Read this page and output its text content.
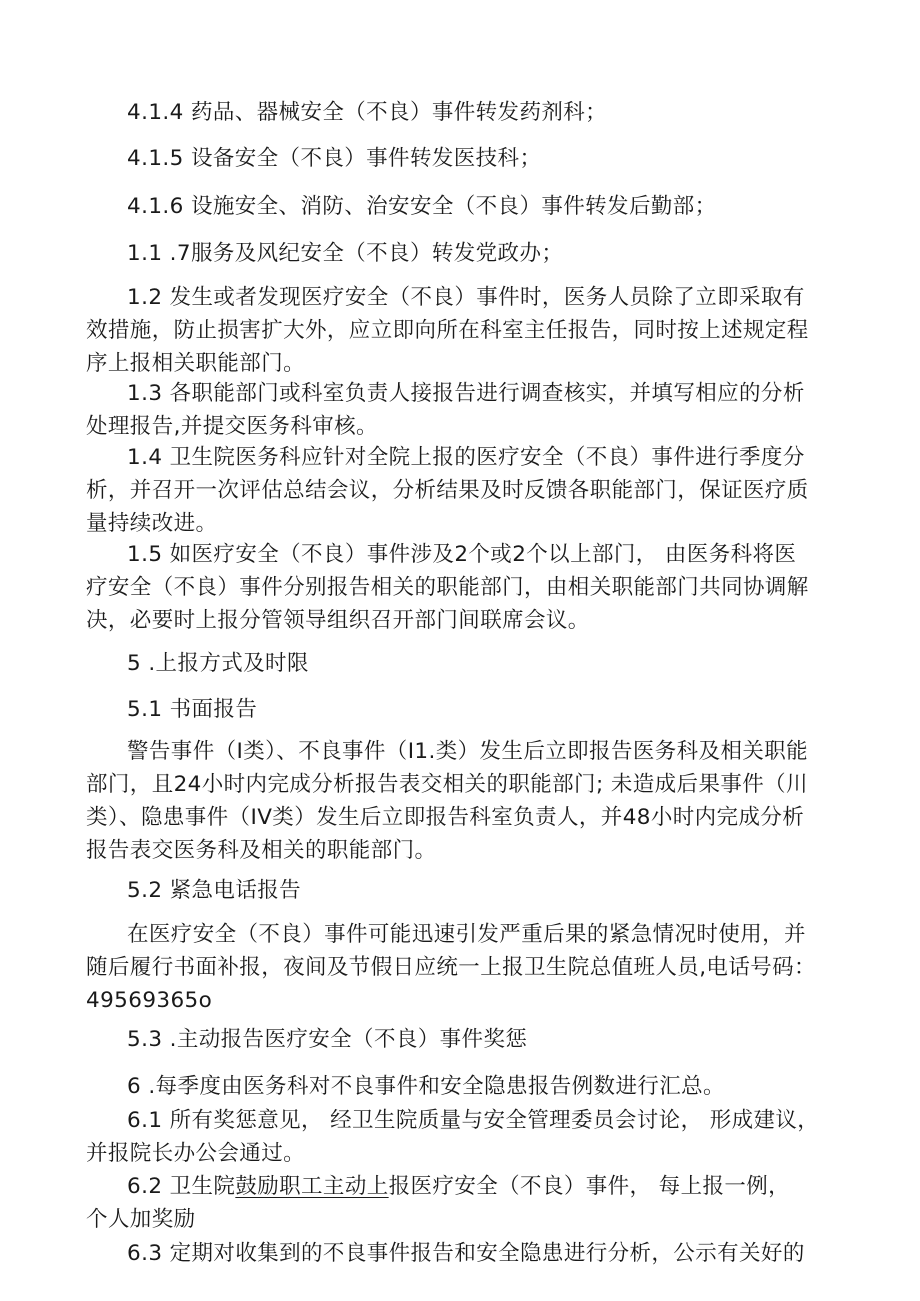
4.1.4 药品、器械安全（不良）事件转发药剂科；

4.1.5 设备安全（不良）事件转发医技科；

4.1.6 设施安全、消防、治安安全（不良）事件转发后勤部；

1.1 .7服务及风纪安全（不良）转发党政办；

1.2 发生或者发现医疗安全（不良）事件时，医务人员除了立即采取有
效措施，防止损害扩大外，应立即向所在科室主任报告，同时按上述规定程
序上报相关职能部门。

1.3 各职能部门或科室负责人接报告进行调查核实，并填写相应的分析
处理报告,并提交医务科审核。

1.4 卫生院医务科应针对全院上报的医疗安全（不良）事件进行季度分
析，并召开一次评估总结会议，分析结果及时反馈各职能部门，保证医疗质
量持续改进。

1.5 如医疗安全（不良）事件涉及2个或2个以上部门， 由医务科将医
疗安全（不良）事件分别报告相关的职能部门，由相关职能部门共同协调解
决，必要时上报分管领导组织召开部门间联席会议。

5 .上报方式及时限

5.1 书面报告

警告事件（I类）、不良事件（I1.类）发生后立即报告医务科及相关职能
部门，且24小时内完成分析报告表交相关的职能部门; 未造成后果事件（川
类）、隐患事件（IV类）发生后立即报告科室负责人，并48小时内完成分析
报告表交医务科及相关的职能部门。

5.2 紧急电话报告

在医疗安全（不良）事件可能迅速引发严重后果的紧急情况时使用，并
随后履行书面补报，夜间及节假日应统一上报卫生院总值班人员,电话号码：
49569365o

5.3 .主动报告医疗安全（不良）事件奖惩

6 .每季度由医务科对不良事件和安全隐患报告例数进行汇总。

6.1 所有奖惩意见， 经卫生院质量与安全管理委员会讨论， 形成建议，
并报院长办公会通过。

6.2 卫生院鼓励职工主动上报医疗安全（不良）事件， 每上报一例，
个人加奖励

6.3 定期对收集到的不良事件报告和安全隐患进行分析，公示有关好的
